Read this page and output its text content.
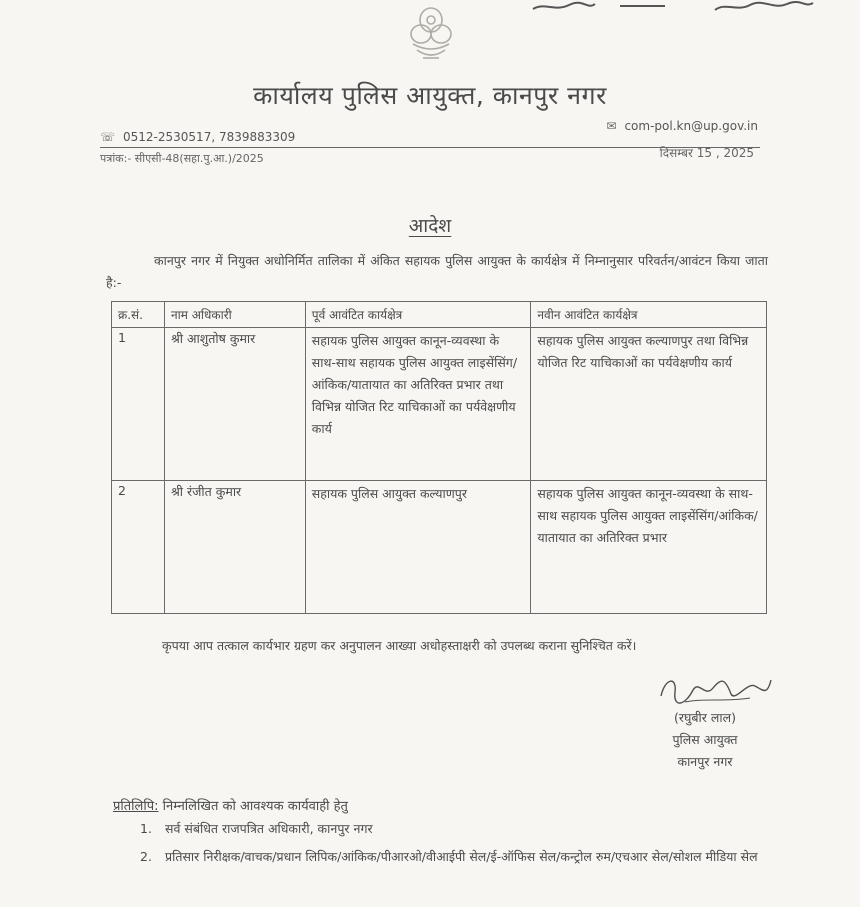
कार्यालय पुलिस आयुक्त, कानपुर नगर
☏ 0512-2530517, 7839883309
✉ com-pol.kn@up.gov.in
पत्रांक:- सीएसी-48(सहा.पु.आ.)/2025	दिसम्बर 15 , 2025
आदेश
कानपुर नगर में नियुक्त अधोनिर्मित तालिका में अंकित सहायक पुलिस आयुक्त के कार्यक्षेत्र में निम्नानुसार परिवर्तन/आवंटन किया जाता है:-
क्र.सं.	नाम अधिकारी	पूर्व आवंटित कार्यक्षेत्र	नवीन आवंटित कार्यक्षेत्र
1	श्री आशुतोष कुमार	सहायक पुलिस आयुक्त कानून-व्यवस्था के साथ-साथ सहायक पुलिस आयुक्त लाइसेंसिंग/आंकिक/यातायात का अतिरिक्त प्रभार तथा विभिन्न योजित रिट याचिकाओं का पर्यवेक्षणीय कार्य	सहायक पुलिस आयुक्त कल्याणपुर तथा विभिन्न योजित रिट याचिकाओं का पर्यवेक्षणीय कार्य
2	श्री रंजीत कुमार	सहायक पुलिस आयुक्त कल्याणपुर	सहायक पुलिस आयुक्त कानून-व्यवस्था के साथ-साथ सहायक पुलिस आयुक्त लाइसेंसिंग/आंकिक/यातायात का अतिरिक्त प्रभार
कृपया आप तत्काल कार्यभार ग्रहण कर अनुपालन आख्या अधोहस्ताक्षरी को उपलब्ध कराना सुनिश्चित करें।
(रघुबीर लाल)
पुलिस आयुक्त
कानपुर नगर
प्रतिलिपि: निम्नलिखित को आवश्यक कार्यवाही हेतु
1. सर्व संबंधित राजपत्रित अधिकारी, कानपुर नगर
2. प्रतिसार निरीक्षक/वाचक/प्रधान लिपिक/आंकिक/पीआरओ/वीआईपी सेल/ई-ऑफिस सेल/कन्ट्रोल रुम/एचआर सेल/सोशल मीडिया सेल
